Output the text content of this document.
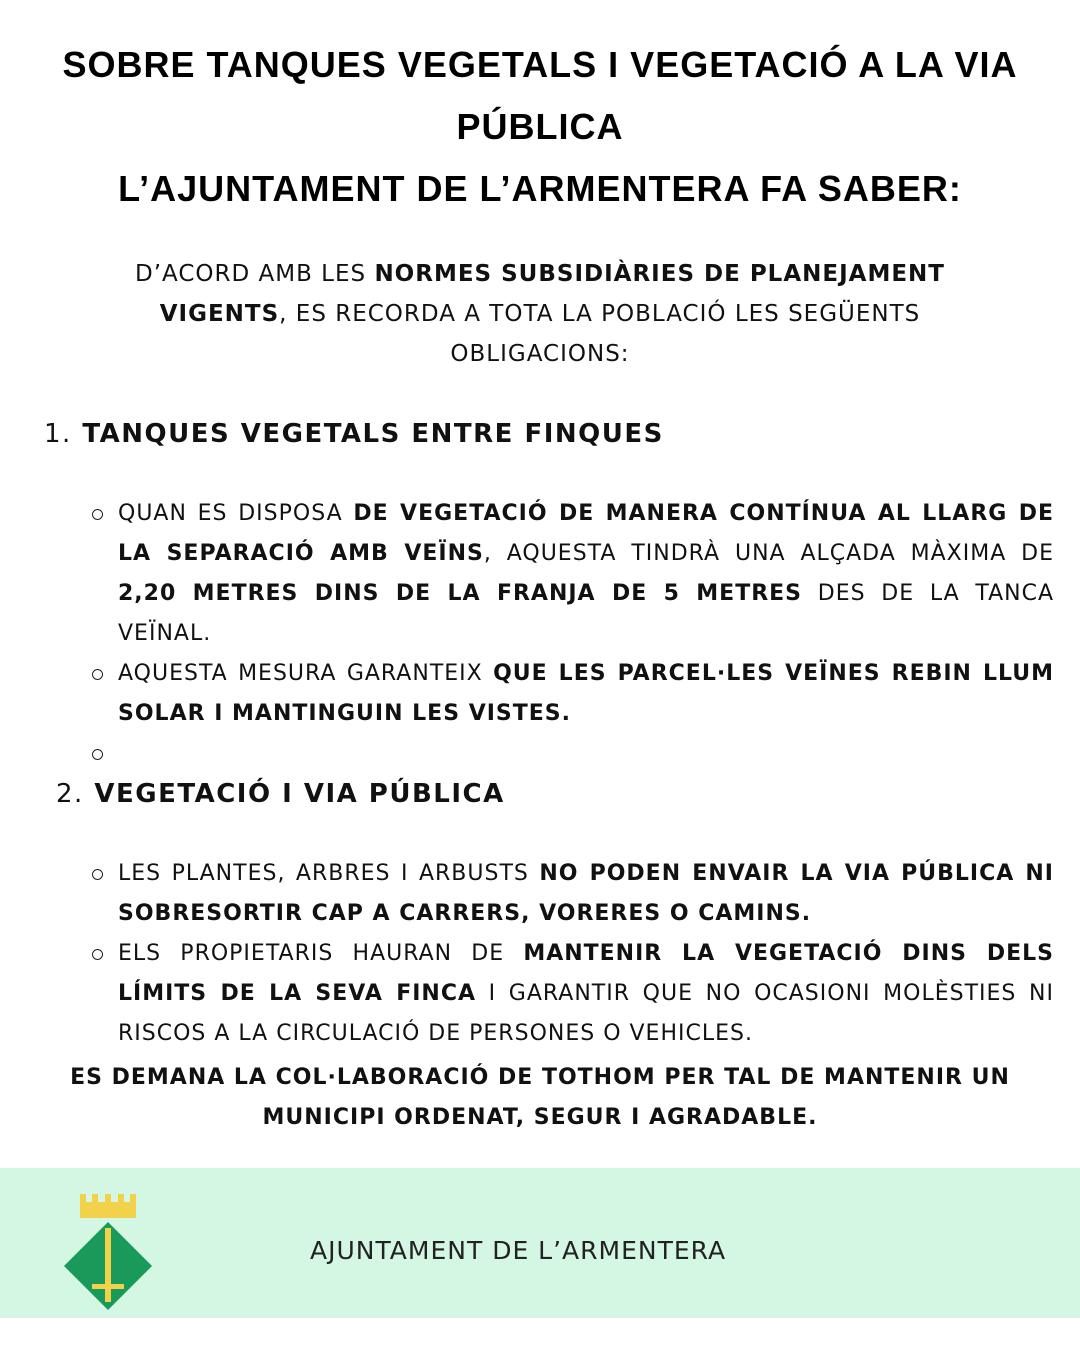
SOBRE TANQUES VEGETALS I VEGETACIÓ A LA VIA PÚBLICA
L’AJUNTAMENT DE L’ARMENTERA FA SABER:
D’ACORD AMB LES NORMES SUBSIDIÀRIES DE PLANEJAMENT VIGENTS, ES RECORDA A TOTA LA POBLACIÓ LES SEGÜENTS OBLIGACIONS:
1. TANQUES VEGETALS ENTRE FINQUES
QUAN ES DISPOSA DE VEGETACIÓ DE MANERA CONTÍNUA AL LLARG DE LA SEPARACIÓ AMB VEÏNS, AQUESTA TINDRÀ UNA ALÇADA MÀXIMA DE 2,20 METRES DINS DE LA FRANJA DE 5 METRES DES DE LA TANCA VEÏNAL.
AQUESTA MESURA GARANTEIX QUE LES PARCEL·LES VEÏNES REBIN LLUM SOLAR I MANTINGUIN LES VISTES.

2. VEGETACIÓ I VIA PÚBLICA
LES PLANTES, ARBRES I ARBUSTS NO PODEN ENVAIR LA VIA PÚBLICA NI SOBRESORTIR CAP A CARRERS, VORERES O CAMINS.
ELS PROPIETARIS HAURAN DE MANTENIR LA VEGETACIÓ DINS DELS LÍMITS DE LA SEVA FINCA I GARANTIR QUE NO OCASIONI MOLÈSTIES NI RISCOS A LA CIRCULACIÓ DE PERSONES O VEHICLES.
ES DEMANA LA COL·LABORACIÓ DE TOTHOM PER TAL DE MANTENIR UN MUNICIPI ORDENAT, SEGUR I AGRADABLE.
AJUNTAMENT DE L’ARMENTERA
